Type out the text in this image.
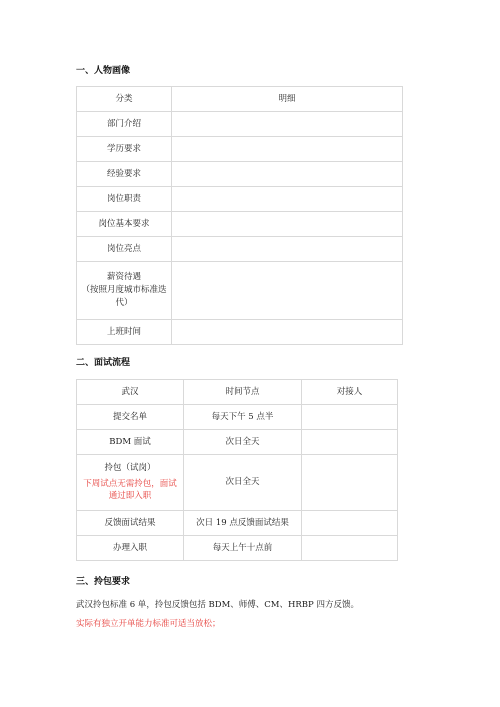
一、人物画像
分类	明细
部门介绍	
学历要求	
经验要求	
岗位职责	
岗位基本要求	
岗位亮点	

薪资待遇
（按照月度城市标准迭代）	

上班时间	
二、面试流程
武汉	时间节点	对接人
提交名单	每天下午 5 点半	
BDM 面试	次日全天	

拎包（试岗）
下周试点无需拎包，面试通过即入职	次日全天	
反馈面试结果	次日 19 点反馈面试结果	
办理入职	每天上午十点前	
三、拎包要求
武汉拎包标准 6 单，拎包反馈包括 BDM、师傅、CM、HRBP 四方反馈。
实际有独立开单能力标准可适当放松；
